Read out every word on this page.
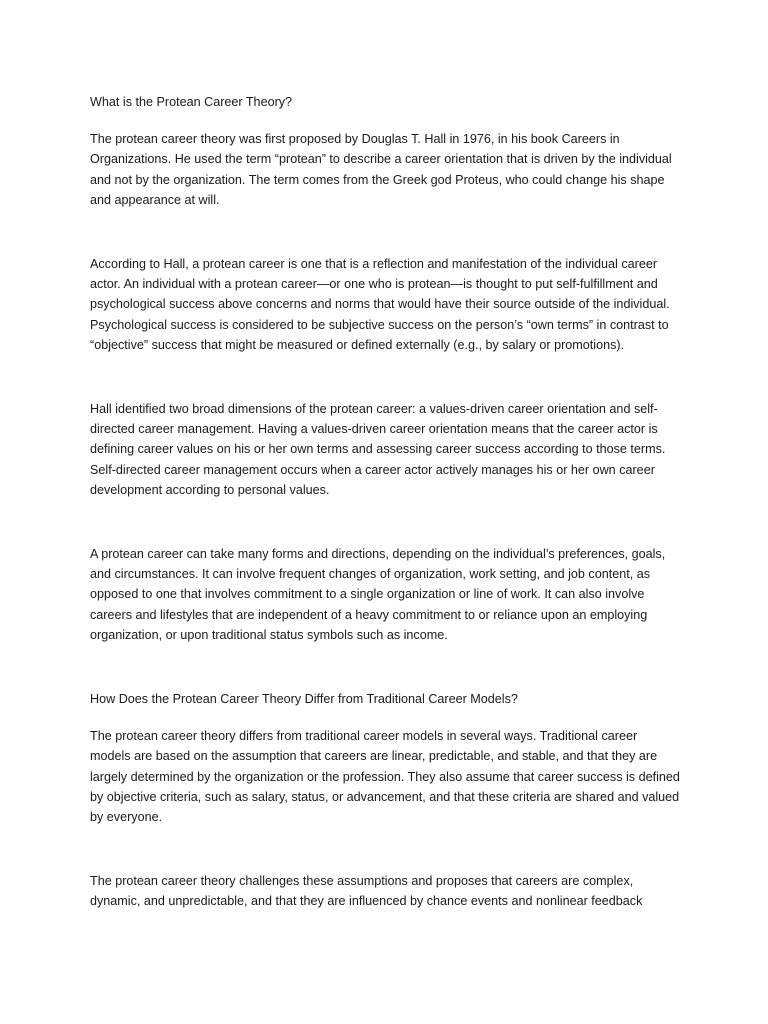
What is the Protean Career Theory?

The protean career theory was first proposed by Douglas T. Hall in 1976, in his book Careers in Organizations. He used the term “protean” to describe a career orientation that is driven by the individual and not by the organization. The term comes from the Greek god Proteus, who could change his shape and appearance at will.

According to Hall, a protean career is one that is a reflection and manifestation of the individual career actor. An individual with a protean career—or one who is protean—is thought to put self-fulfillment and psychological success above concerns and norms that would have their source outside of the individual. Psychological success is considered to be subjective success on the person’s “own terms” in contrast to “objective” success that might be measured or defined externally (e.g., by salary or promotions).

Hall identified two broad dimensions of the protean career: a values-driven career orientation and self-directed career management. Having a values-driven career orientation means that the career actor is defining career values on his or her own terms and assessing career success according to those terms. Self-directed career management occurs when a career actor actively manages his or her own career development according to personal values.

A protean career can take many forms and directions, depending on the individual’s preferences, goals, and circumstances. It can involve frequent changes of organization, work setting, and job content, as opposed to one that involves commitment to a single organization or line of work. It can also involve careers and lifestyles that are independent of a heavy commitment to or reliance upon an employing organization, or upon traditional status symbols such as income.

How Does the Protean Career Theory Differ from Traditional Career Models?

The protean career theory differs from traditional career models in several ways. Traditional career models are based on the assumption that careers are linear, predictable, and stable, and that they are largely determined by the organization or the profession. They also assume that career success is defined by objective criteria, such as salary, status, or advancement, and that these criteria are shared and valued by everyone.

The protean career theory challenges these assumptions and proposes that careers are complex, dynamic, and unpredictable, and that they are influenced by chance events and nonlinear feedback
